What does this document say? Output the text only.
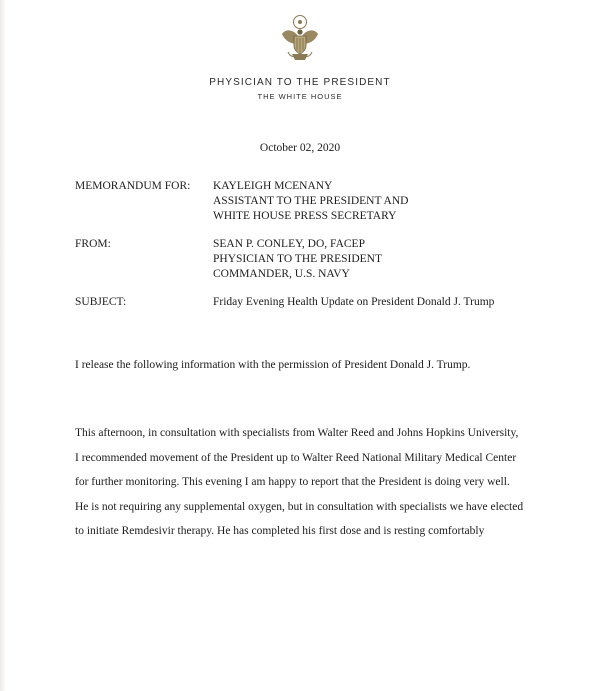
PHYSICIAN TO THE PRESIDENT
THE WHITE HOUSE
October 02, 2020
MEMORANDUM FOR: KAYLEIGH MCENANY
ASSISTANT TO THE PRESIDENT AND
WHITE HOUSE PRESS SECRETARY
FROM:	SEAN P. CONLEY, DO, FACEP
PHYSICIAN TO THE PRESIDENT
COMMANDER, U.S. NAVY
SUBJECT:	Friday Evening Health Update on President Donald J. Trump
I release the following information with the permission of President Donald J. Trump.
This afternoon, in consultation with specialists from Walter Reed and Johns Hopkins University,
I recommended movement of the President up to Walter Reed National Military Medical Center
for further monitoring. This evening I am happy to report that the President is doing very well.
He is not requiring any supplemental oxygen, but in consultation with specialists we have elected
to initiate Remdesivir therapy. He has completed his first dose and is resting comfortably
